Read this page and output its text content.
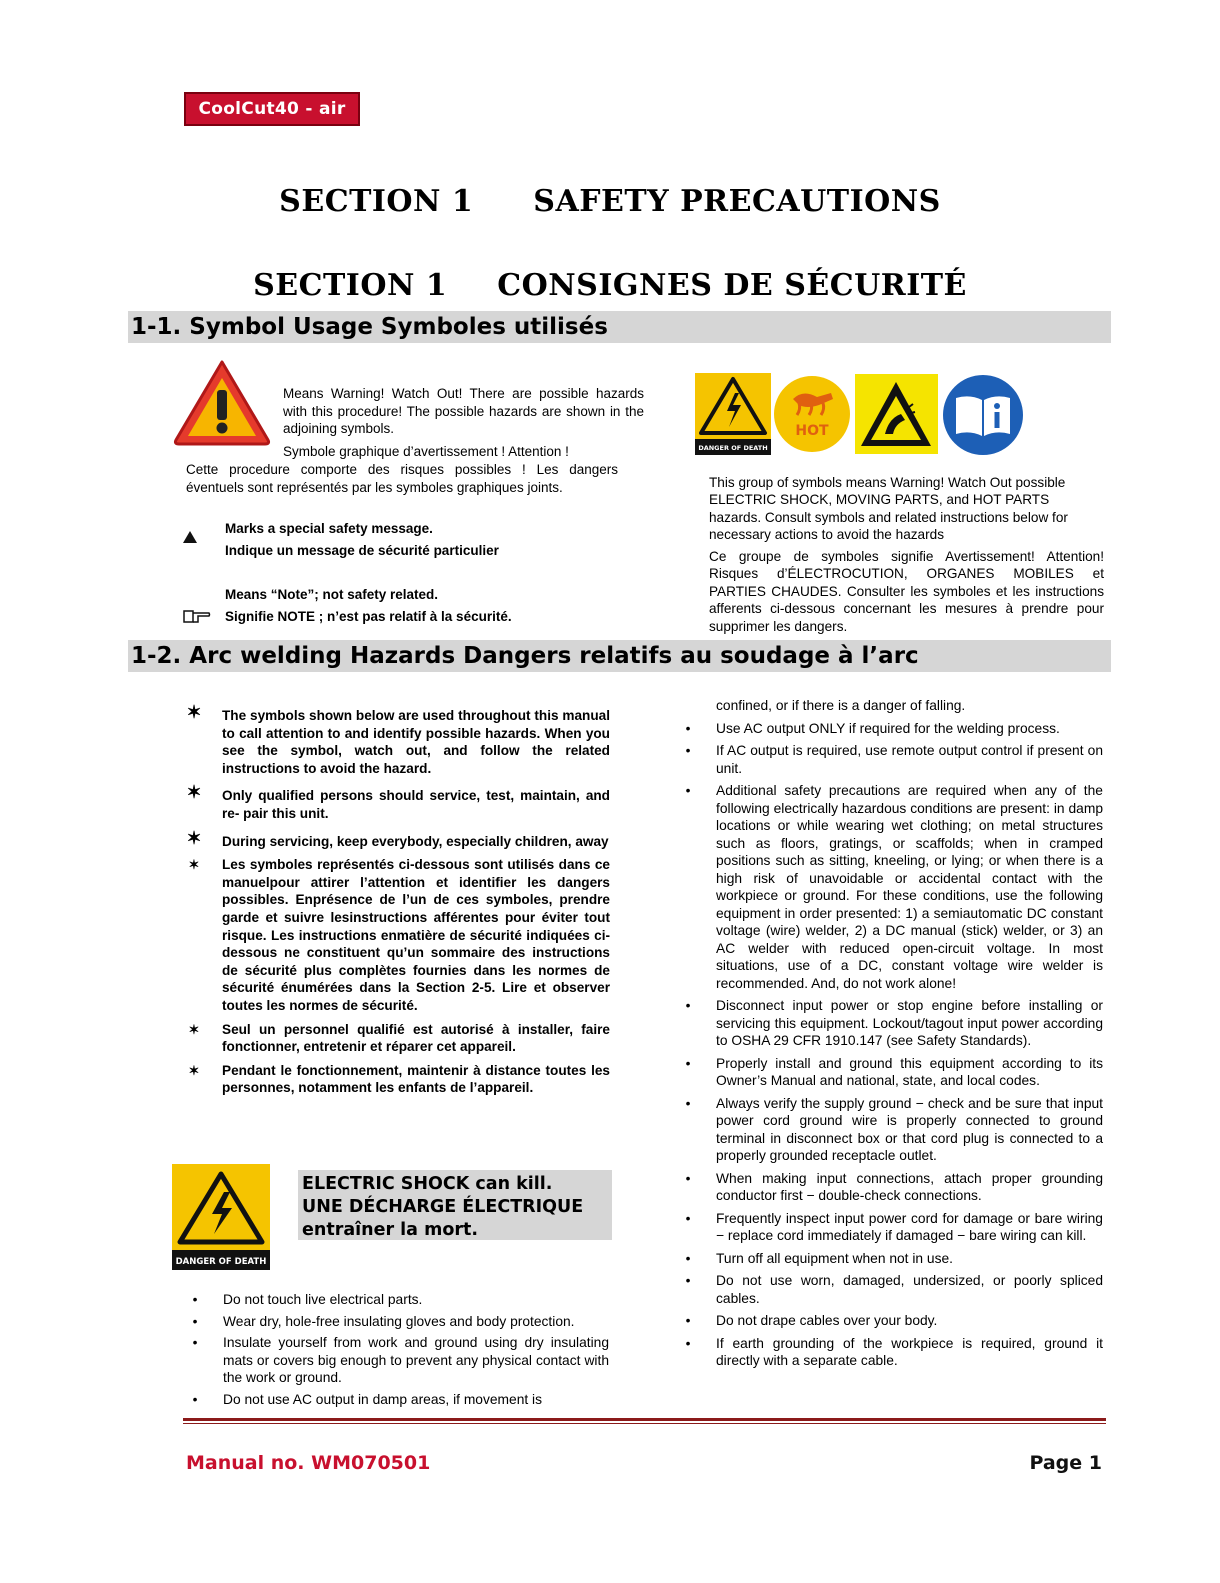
CoolCut40 - air
SECTION 1 SAFETY PRECAUTIONS
SECTION 1 CONSIGNES DE SÉCURITÉ
1-1. Symbol Usage Symboles utilisés
Means Warning! Watch Out! There are possible hazards with this procedure! The possible hazards are shown in the adjoining symbols.
Symbole graphique d’avertissement ! Attention !
Cette procedure comporte des risques possibles ! Les dangers éventuels sont représentés par les symboles graphiques joints.
Marks a special safety message.
Indique un message de sécurité particulier
Means “Note”; not safety related.
Signifie NOTE ; n’est pas relatif à la sécurité.
DANGER OF DEATH
HOT
This group of symbols means Warning! Watch Out possible ELECTRIC SHOCK, MOVING PARTS, and HOT PARTS hazards. Consult symbols and related instructions below for necessary actions to avoid the hazards
Ce groupe de symboles signifie Avertissement! Attention! Risques d’ÉLECTROCUTION, ORGANES MOBILES et PARTIES CHAUDES. Consulter les symboles et les instructions afferents ci-dessous concernant les mesures à prendre pour supprimer les dangers.
1-2. Arc welding Hazards Dangers relatifs au soudage à l’arc
✶ The symbols shown below are used throughout this manual to call attention to and identify possible hazards. When you see the symbol, watch out, and follow the related instructions to avoid the hazard.
✶ Only qualified persons should service, test, maintain, and re- pair this unit.
✶ During servicing, keep everybody, especially children, away
✶	Les symboles représentés ci-dessous sont utilisés dans ce manuelpour attirer l’attention et identifier les dangers possibles. Enprésence de l’un de ces symboles, prendre garde et suivre lesinstructions afférentes pour éviter tout risque. Les instructions enmatière de sécurité indiquées ci-dessous ne constituent qu’un sommaire des instructions de sécurité plus complètes fournies dans les normes de sécurité énumérées dans la Section 2-5. Lire et observer toutes les normes de sécurité.
✶	Seul un personnel qualifié est autorisé à installer, faire fonctionner, entretenir et réparer cet appareil.
✶	Pendant le fonctionnement, maintenir à distance toutes les personnes, notamment les enfants de l’appareil.
DANGER OF DEATH
ELECTRIC SHOCK can kill.
UNE DÉCHARGE ÉLECTRIQUE
entraîner la mort.
•	Do not touch live electrical parts.
•	Wear dry, hole-free insulating gloves and body protection.
•	Insulate yourself from work and ground using dry insulating mats or covers big enough to prevent any physical contact with the work or ground.
•	Do not use AC output in damp areas, if movement is
confined, or if there is a danger of falling.
•	Use AC output ONLY if required for the welding process.
•	If AC output is required, use remote output control if present on unit.
•	Additional safety precautions are required when any of the following electrically hazardous conditions are present: in damp locations or while wearing wet clothing; on metal structures such as floors, gratings, or scaffolds; when in cramped positions such as sitting, kneeling, or lying; or when there is a high risk of unavoidable or accidental contact with the workpiece or ground. For these conditions, use the following equipment in order presented: 1) a semiautomatic DC constant voltage (wire) welder, 2) a DC manual (stick) welder, or 3) an AC welder with reduced open-circuit voltage. In most situations, use of a DC, constant voltage wire welder is recommended. And, do not work alone!
•	Disconnect input power or stop engine before installing or servicing this equipment. Lockout/tagout input power according to OSHA 29 CFR 1910.147 (see Safety Standards).
•	Properly install and ground this equipment according to its Owner’s Manual and national, state, and local codes.
•	Always verify the supply ground − check and be sure that input power cord ground wire is properly connected to ground terminal in disconnect box or that cord plug is connected to a properly grounded receptacle outlet.
•	When making input connections, attach proper grounding conductor first − double-check connections.
•	Frequently inspect input power cord for damage or bare wiring − replace cord immediately if damaged − bare wiring can kill.
•	Turn off all equipment when not in use.
•	Do not use worn, damaged, undersized, or poorly spliced cables.
•	Do not drape cables over your body.
•	If earth grounding of the workpiece is required, ground it directly with a separate cable.
Manual no. WM070501	Page 1
